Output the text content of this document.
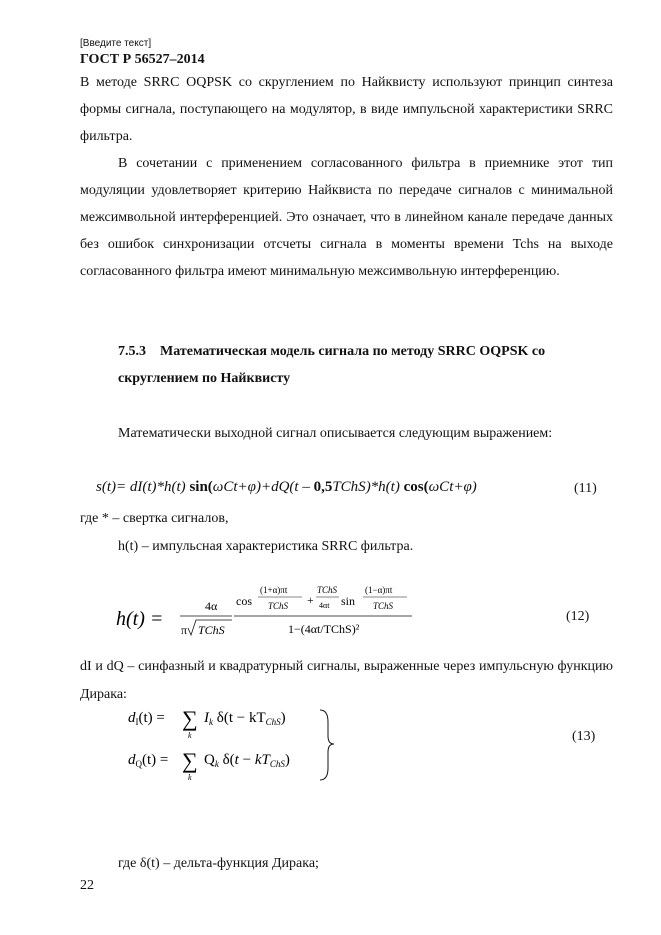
[Введите текст]
ГОСТ Р 56527–2014

В методе SRRC OQPSK со скруглением по Найквисту используют принцип синтеза формы сигнала, поступающего на модулятор, в виде импульсной характеристики SRRC фильтра.

В сочетании с применением согласованного фильтра в приемнике этот тип модуляции удовлетворяет критерию Найквиста по передаче сигналов с минимальной межсимвольной интерференцией. Это означает, что в линейном канале передаче данных без ошибок синхронизации отсчеты сигнала в моменты времени Tchs на выходе согласованного фильтра имеют минимальную межсимвольную интерференцию.

7.5.3 Математическая модель сигнала по методу SRRC OQPSK со скруглением по Найквисту
Математически выходной сигнал описывается следующим выражением:
s(t)= dI(t)*h(t) sin(ωCt+φ)+dQ(t – 0,5TChS)*h(t) cos(ωCt+φ)	(11)
где * – свертка сигналов,
h(t) – импульсная характеристика SRRC фильтра.
h(t) =
4α
π TChS
cos
(1+α)πt
TChS +
TChS
4αt sin
(1−α)πt
TChS
1−(4αt/TChS)²
(12)
dI и dQ – синфазный и квадратурный сигналы, выраженные через импульсную функцию Дирака:
$d_I(t)$ = ∑
k
$I_k$ $\delta(t - kT_{ChS})$
$d_Q(t)$ = ∑
k
$Q_k$ $\delta(t - kT_{ChS})$
(13)
где δ(t) – дельта-функция Дирака;
22
